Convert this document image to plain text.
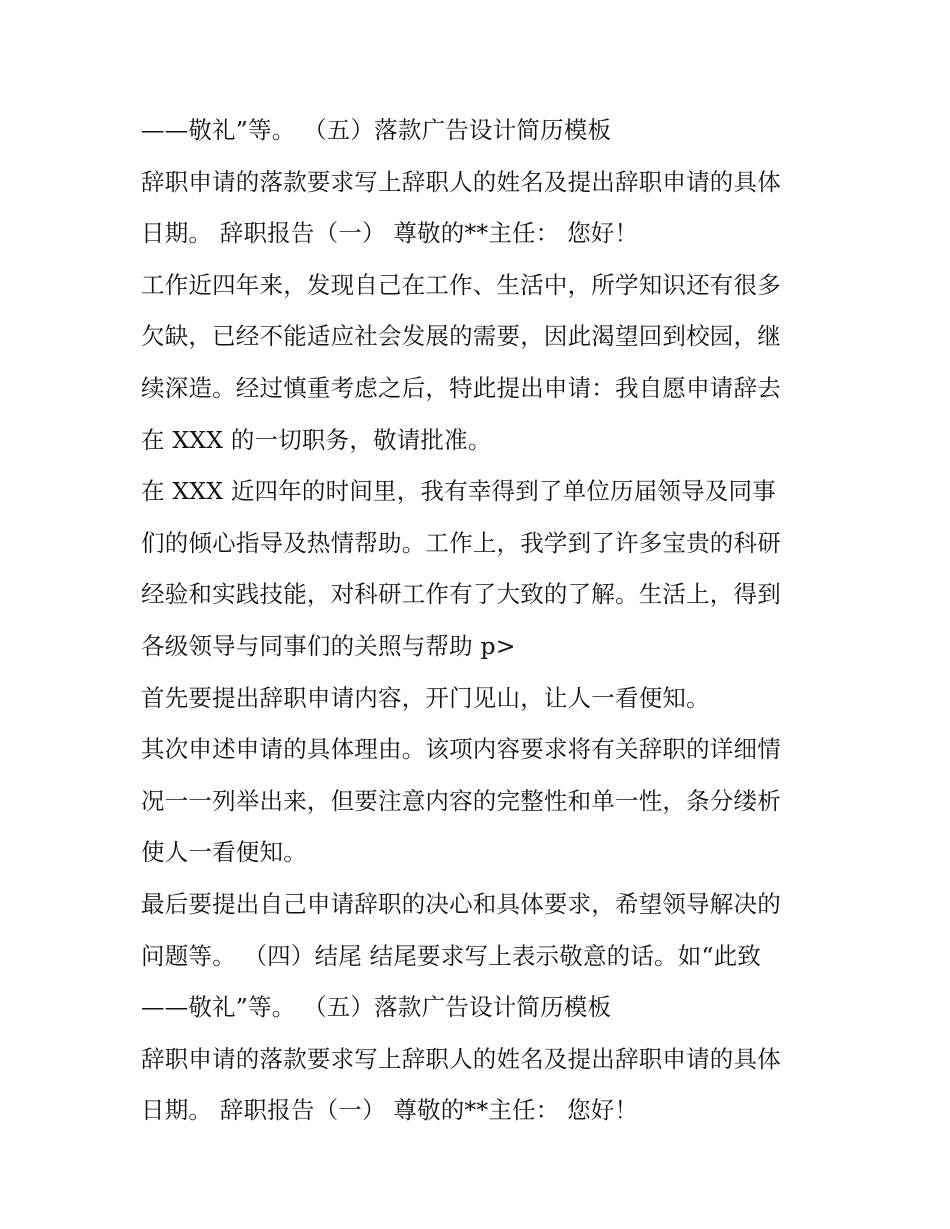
——敬礼”等。 （五）落款广告设计简历模板
辞职申请的落款要求写上辞职人的姓名及提出辞职申请的具体
日期。 辞职报告（一） 尊敬的**主任： 您好！
工作近四年来，发现自己在工作、生活中，所学知识还有很多
欠缺，已经不能适应社会发展的需要，因此渴望回到校园，继
续深造。经过慎重考虑之后，特此提出申请：我自愿申请辞去
在 XXX 的一切职务，敬请批准。
在 XXX 近四年的时间里，我有幸得到了单位历届领导及同事
们的倾心指导及热情帮助。工作上，我学到了许多宝贵的科研
经验和实践技能，对科研工作有了大致的了解。生活上，得到
各级领导与同事们的关照与帮助 p>
首先要提出辞职申请内容，开门见山，让人一看便知。
其次申述申请的具体理由。该项内容要求将有关辞职的详细情
况一一列举出来，但要注意内容的完整性和单一性，条分缕析
使人一看便知。
最后要提出自己申请辞职的决心和具体要求，希望领导解决的
问题等。 （四）结尾 结尾要求写上表示敬意的话。如“此致
——敬礼”等。 （五）落款广告设计简历模板
辞职申请的落款要求写上辞职人的姓名及提出辞职申请的具体
日期。 辞职报告（一） 尊敬的**主任： 您好！
